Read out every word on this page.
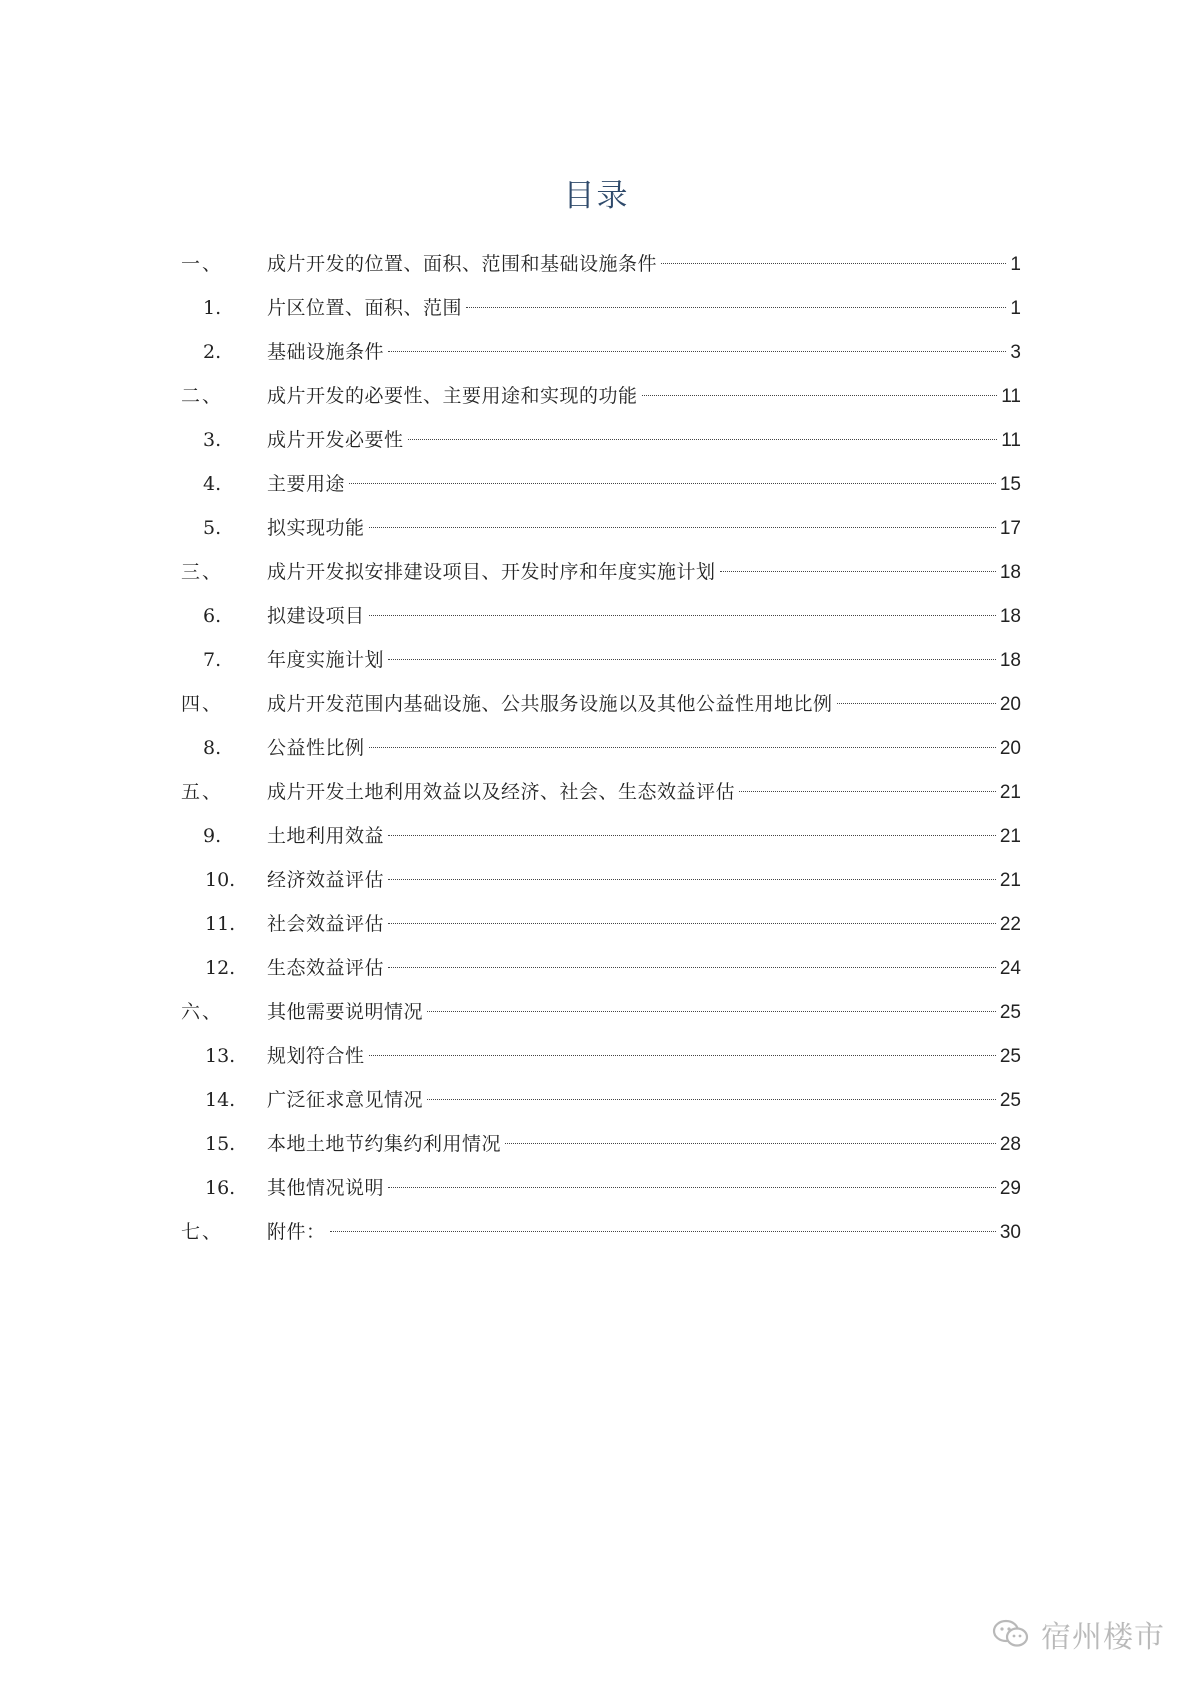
目录
一、	成片开发的位置、面积、范围和基础设施条件	1
1.	片区位置、面积、范围	1
2.	基础设施条件	3
二、	成片开发的必要性、主要用途和实现的功能	11
3.	成片开发必要性	11
4.	主要用途	15
5.	拟实现功能	17
三、	成片开发拟安排建设项目、开发时序和年度实施计划	18
6.	拟建设项目	18
7.	年度实施计划	18
四、	成片开发范围内基础设施、公共服务设施以及其他公益性用地比例	20
8.	公益性比例	20
五、	成片开发土地利用效益以及经济、社会、生态效益评估	21
9.	土地利用效益	21
10.	经济效益评估	21
11.	社会效益评估	22
12.	生态效益评估	24
六、	其他需要说明情况	25
13.	规划符合性	25
14.	广泛征求意见情况	25
15.	本地土地节约集约利用情况	28
16.	其他情况说明	29
七、	附件：	30
宿州楼市
